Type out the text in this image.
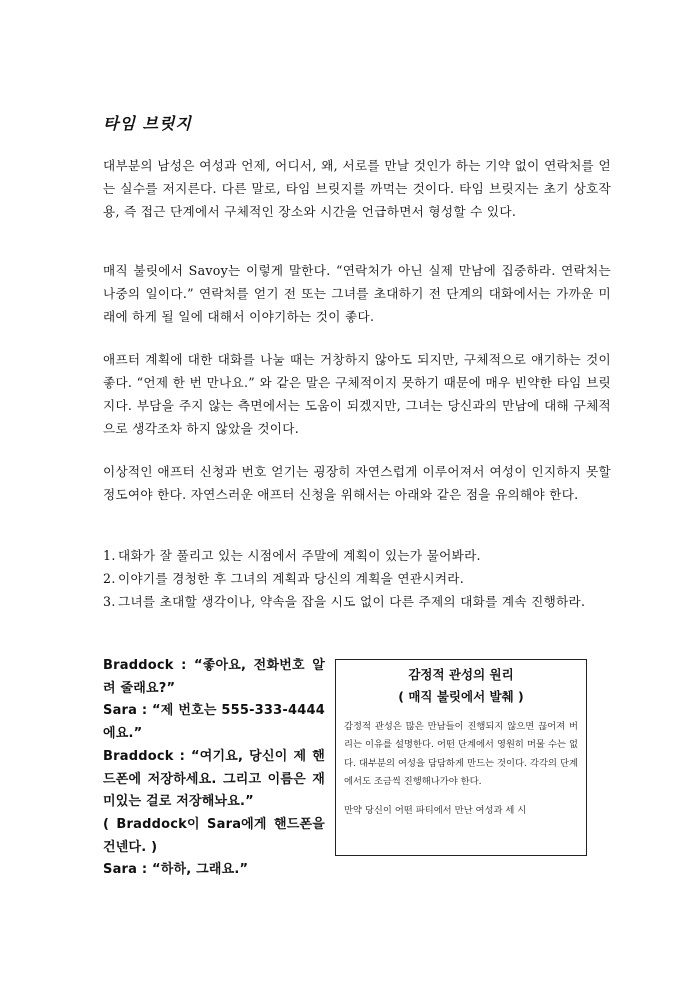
타임 브릿지
대부분의 남성은 여성과 언제, 어디서, 왜, 서로를 만날 것인가 하는 기약 없이 연락처를 얻는 실수를 저지른다. 다른 말로, 타임 브릿지를 까먹는 것이다. 타임 브릿지는 초기 상호작용, 즉 접근 단계에서 구체적인 장소와 시간을 언급하면서 형성할 수 있다.
매직 불릿에서 Savoy는 이렇게 말한다. “연락처가 아닌 실제 만남에 집중하라. 연락처는 나중의 일이다.” 연락처를 얻기 전 또는 그녀를 초대하기 전 단계의 대화에서는 가까운 미래에 하게 될 일에 대해서 이야기하는 것이 좋다.
애프터 계획에 대한 대화를 나눌 때는 거창하지 않아도 되지만, 구체적으로 얘기하는 것이 좋다. “언제 한 번 만나요.” 와 같은 말은 구체적이지 못하기 때문에 매우 빈약한 타임 브릿지다. 부담을 주지 않는 측면에서는 도움이 되겠지만, 그녀는 당신과의 만남에 대해 구체적으로 생각조차 하지 않았을 것이다.
이상적인 애프터 신청과 번호 얻기는 굉장히 자연스럽게 이루어져서 여성이 인지하지 못할 정도여야 한다. 자연스러운 애프터 신청을 위해서는 아래와 같은 점을 유의해야 한다.
1. 대화가 잘 풀리고 있는 시점에서 주말에 계획이 있는가 물어봐라.
2. 이야기를 경청한 후 그녀의 계획과 당신의 계획을 연관시켜라.
3. 그녀를 초대할 생각이나, 약속을 잡을 시도 없이 다른 주제의 대화를 계속 진행하라.

Braddock : “좋아요, 전화번호 알려 줄래요?”

Sara : “제 번호는 555-333-4444에요.”

Braddock : “여기요, 당신이 제 핸드폰에 저장하세요. 그리고 이름은 재미있는 걸로 저장해놔요.”

( Braddock이 Sara에게 핸드폰을 건넨다. )

Sara : “하하, 그래요.”

감정적 관성의 원리
( 매직 불릿에서 발췌 )

감정적 관성은 많은 만남들이 진행되지 않으면 끊어져 버리는 이유를 설명한다. 어떤 단계에서 영원히 머물 수는 없다. 대부분의 여성을 담담하게 만드는 것이다. 각각의 단계에서도 조금씩 진행해나가야 한다.

만약 당신이 어떤 파티에서 만난 여성과 세 시
